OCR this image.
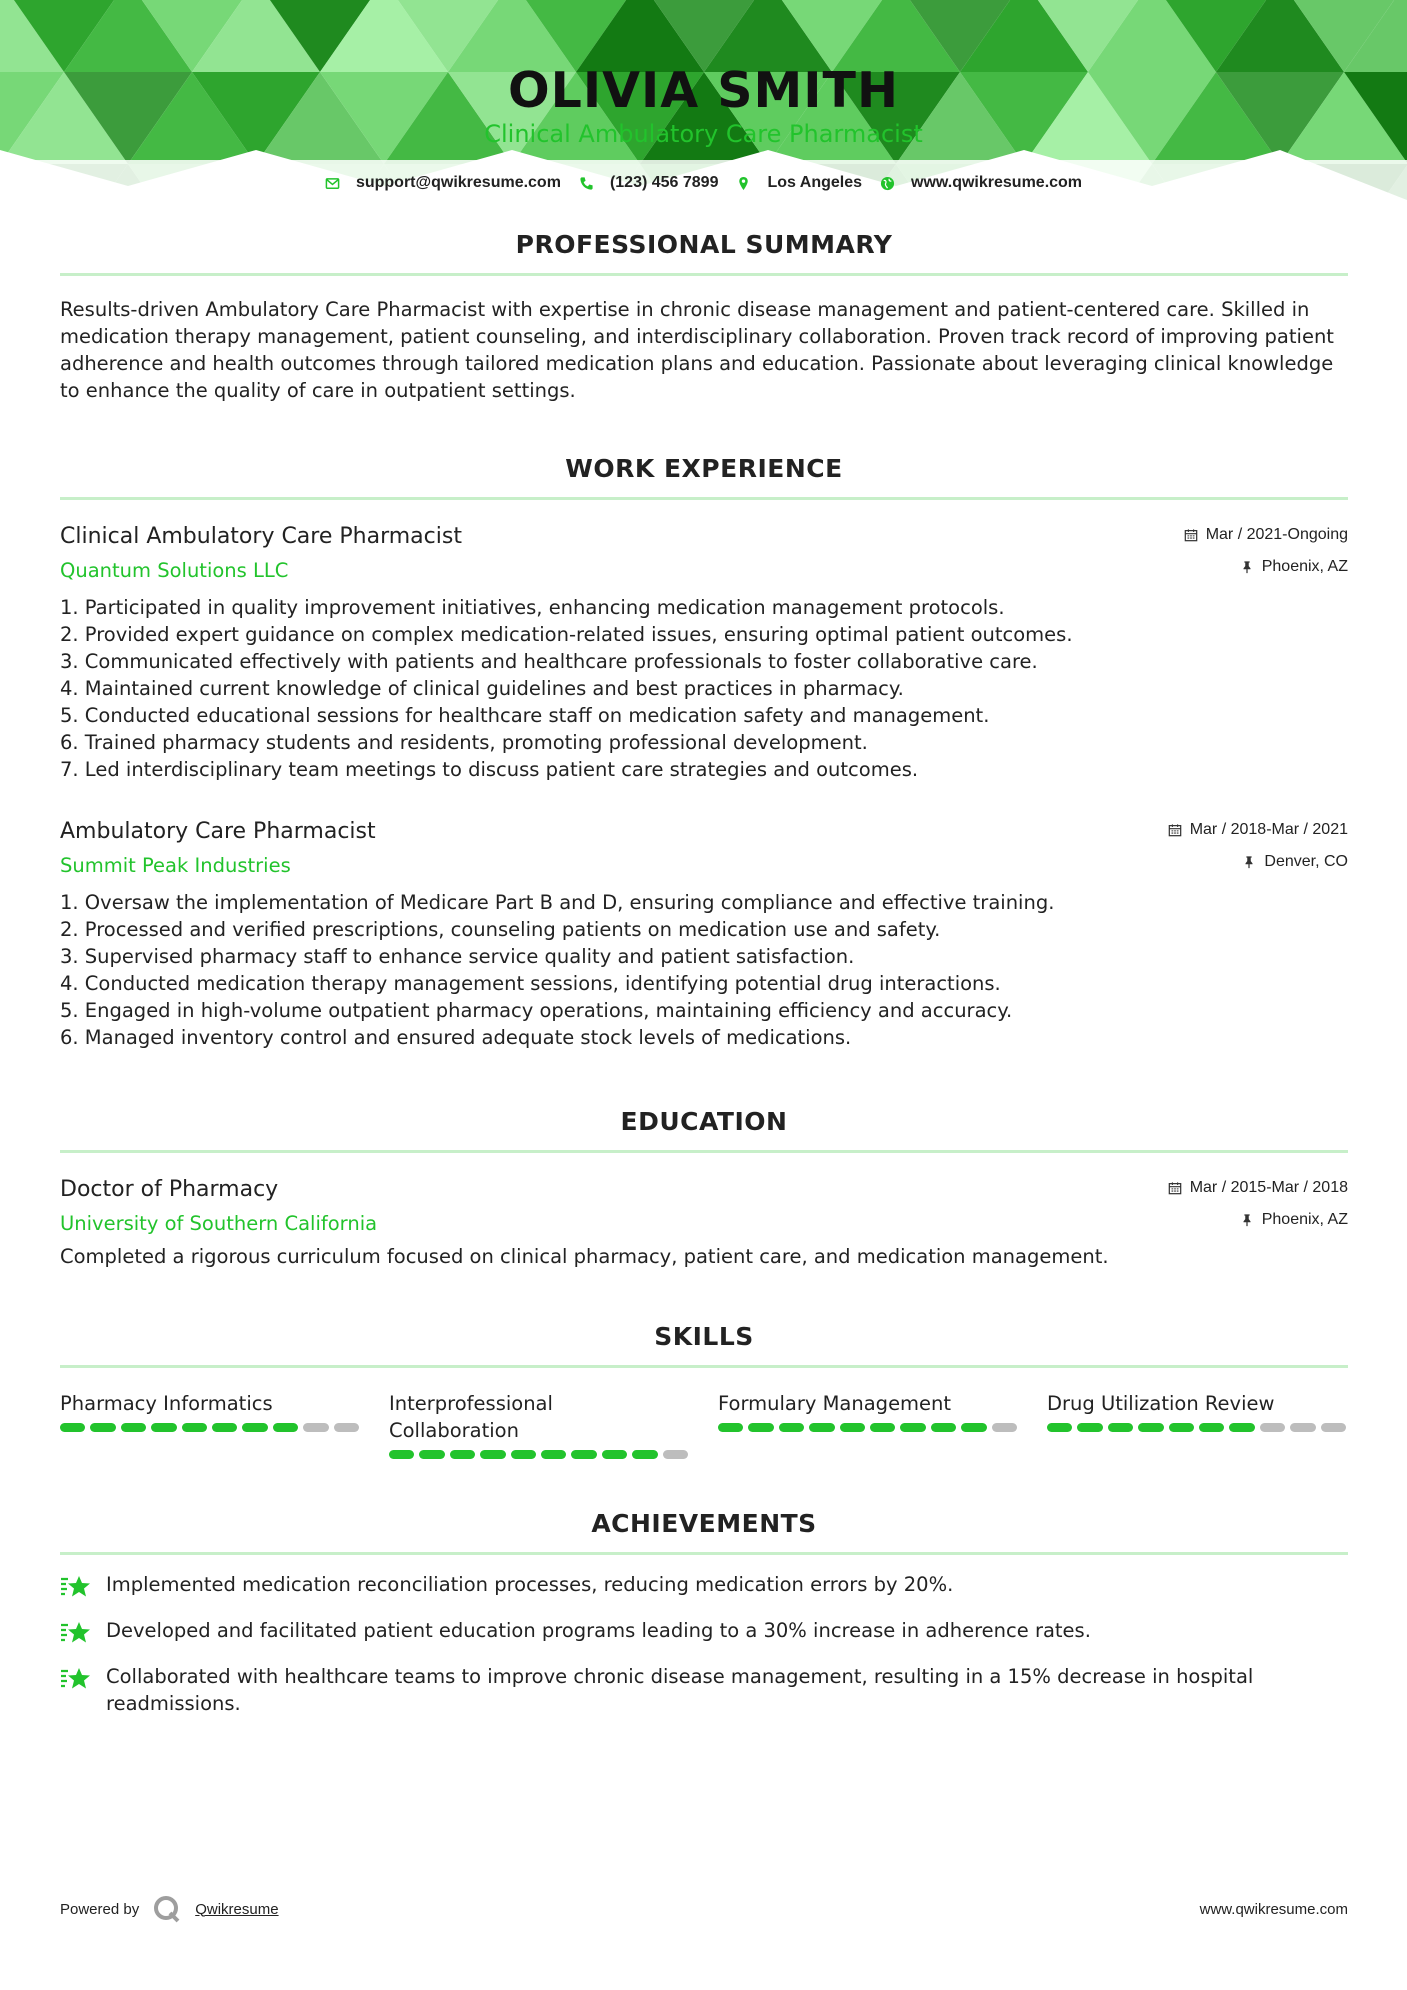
OLIVIA SMITH
Clinical Ambulatory Care Pharmacist
support@qwikresume.com	(123) 456 7899	Los Angeles	www.qwikresume.com
PROFESSIONAL SUMMARY

Results-driven Ambulatory Care Pharmacist with expertise in chronic disease management and patient-centered care. Skilled in medication therapy management, patient counseling, and interdisciplinary collaboration. Proven track record of improving patient adherence and health outcomes through tailored medication plans and education. Passionate about leveraging clinical knowledge to enhance the quality of care in outpatient settings.

WORK EXPERIENCE
Clinical Ambulatory Care Pharmacist
Quantum Solutions LLC
Mar / 2021-Ongoing
Phoenix, AZ
1. Participated in quality improvement initiatives, enhancing medication management protocols.
2. Provided expert guidance on complex medication-related issues, ensuring optimal patient outcomes.
3. Communicated effectively with patients and healthcare professionals to foster collaborative care.
4. Maintained current knowledge of clinical guidelines and best practices in pharmacy.
5. Conducted educational sessions for healthcare staff on medication safety and management.
6. Trained pharmacy students and residents, promoting professional development.
7. Led interdisciplinary team meetings to discuss patient care strategies and outcomes.
Ambulatory Care Pharmacist
Summit Peak Industries
Mar / 2018-Mar / 2021
Denver, CO
1. Oversaw the implementation of Medicare Part B and D, ensuring compliance and effective training.
2. Processed and verified prescriptions, counseling patients on medication use and safety.
3. Supervised pharmacy staff to enhance service quality and patient satisfaction.
4. Conducted medication therapy management sessions, identifying potential drug interactions.
5. Engaged in high-volume outpatient pharmacy operations, maintaining efficiency and accuracy.
6. Managed inventory control and ensured adequate stock levels of medications.
EDUCATION
Doctor of Pharmacy
University of Southern California
Mar / 2015-Mar / 2018
Phoenix, AZ

Completed a rigorous curriculum focused on clinical pharmacy, patient care, and medication management.

SKILLS
Pharmacy Informatics	Interprofessional Collaboration
Formulary Management	Drug Utilization Review
ACHIEVEMENTS
Implemented medication reconciliation processes, reducing medication errors by 20%.
Developed and facilitated patient education programs leading to a 30% increase in adherence rates.
Collaborated with healthcare teams to improve chronic disease management, resulting in a 15% decrease in hospital readmissions.
Powered by	Qwikresume	www.qwikresume.com
